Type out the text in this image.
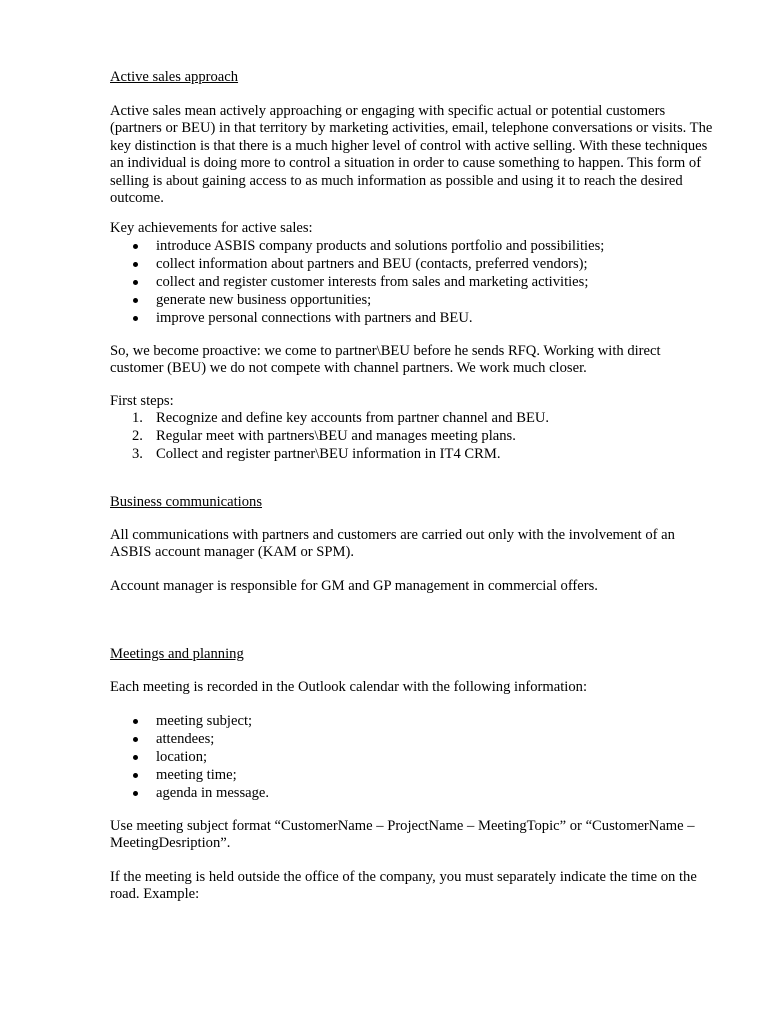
Active sales approach

Active sales mean actively approaching or engaging with specific actual or potential customers (partners or BEU) in that territory by marketing activities, email, telephone conversations or visits. The key distinction is that there is a much higher level of control with active selling. With these techniques an individual is doing more to control a situation in order to cause something to happen. This form of selling is about gaining access to as much information as possible and using it to reach the desired outcome.

Key achievements for active sales:

introduce ASBIS company products and solutions portfolio and possibilities;
collect information about partners and BEU (contacts, preferred vendors);
collect and register customer interests from sales and marketing activities;
generate new business opportunities;
improve personal connections with partners and BEU.

So, we become proactive: we come to partner\BEU before he sends RFQ. Working with direct customer (BEU) we do not compete with channel partners. We work much closer.

First steps:

1. Recognize and define key accounts from partner channel and BEU.
2. Regular meet with partners\BEU and manages meeting plans.
3. Collect and register partner\BEU information in IT4 CRM.

Business communications

All communications with partners and customers are carried out only with the involvement of an ASBIS account manager (KAM or SPM).

Account manager is responsible for GM and GP management in commercial offers.

Meetings and planning

Each meeting is recorded in the Outlook calendar with the following information:

meeting subject;
attendees;
location;
meeting time;
agenda in message.

Use meeting subject format “CustomerName – ProjectName – MeetingTopic” or “CustomerName – MeetingDesription”.

If the meeting is held outside the office of the company, you must separately indicate the time on the road. Example:
